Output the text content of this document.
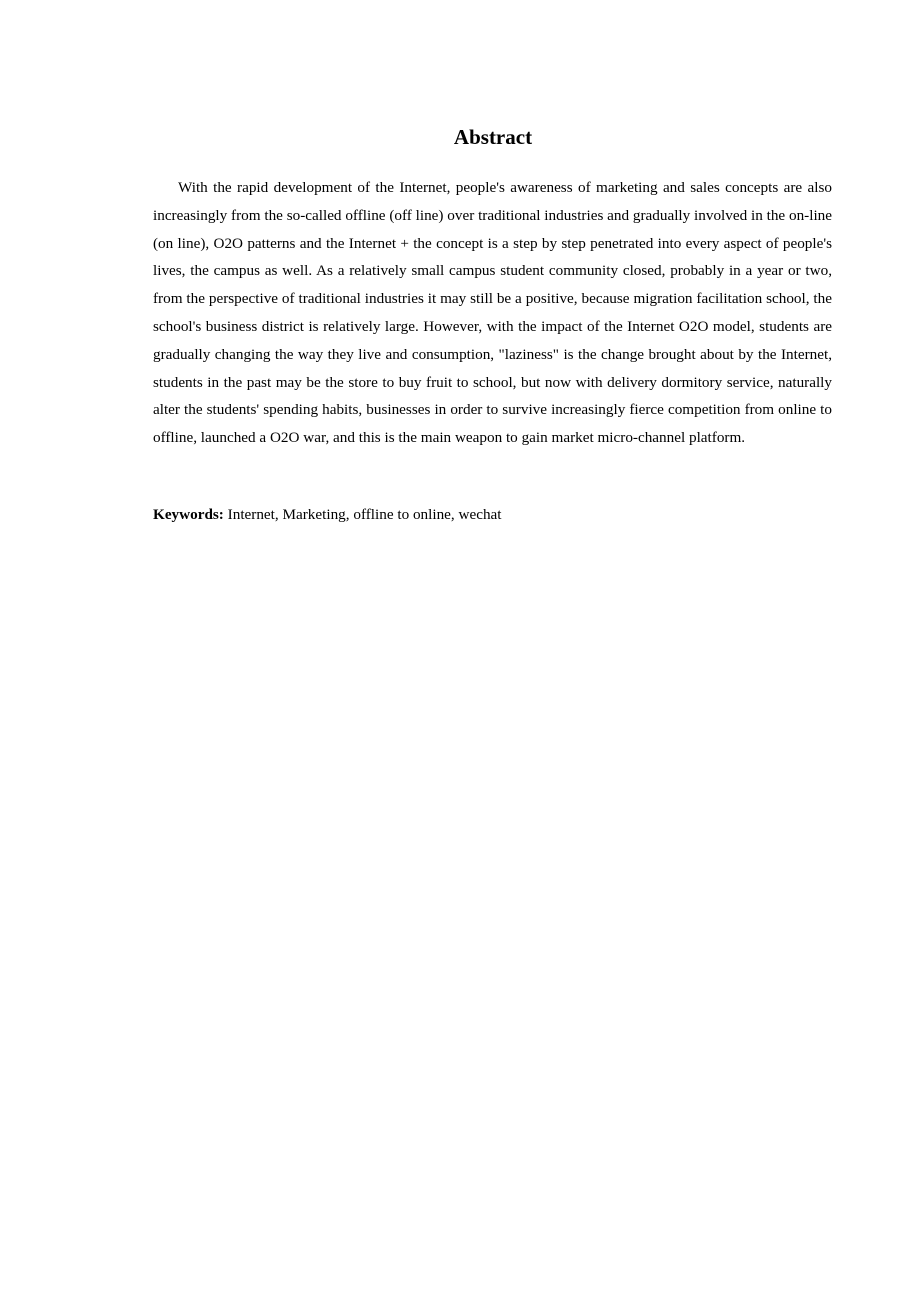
Abstract

With the rapid development of the Internet, people's awareness of marketing and sales concepts are also increasingly from the so-called offline (off line) over traditional industries and gradually involved in the on-line (on line), O2O patterns and the Internet + the concept is a step by step penetrated into every aspect of people's lives, the campus as well. As a relatively small campus student community closed, probably in a year or two, from the perspective of traditional industries it may still be a positive, because migration facilitation school, the school's business district is relatively large. However, with the impact of the Internet O2O model, students are gradually changing the way they live and consumption, "laziness" is the change brought about by the Internet, students in the past may be the store to buy fruit to school, but now with delivery dormitory service, naturally alter the students' spending habits, businesses in order to survive increasingly fierce competition from online to offline, launched a O2O war, and this is the main weapon to gain market micro-channel platform.

Keywords: Internet, Marketing, offline to online, wechat
